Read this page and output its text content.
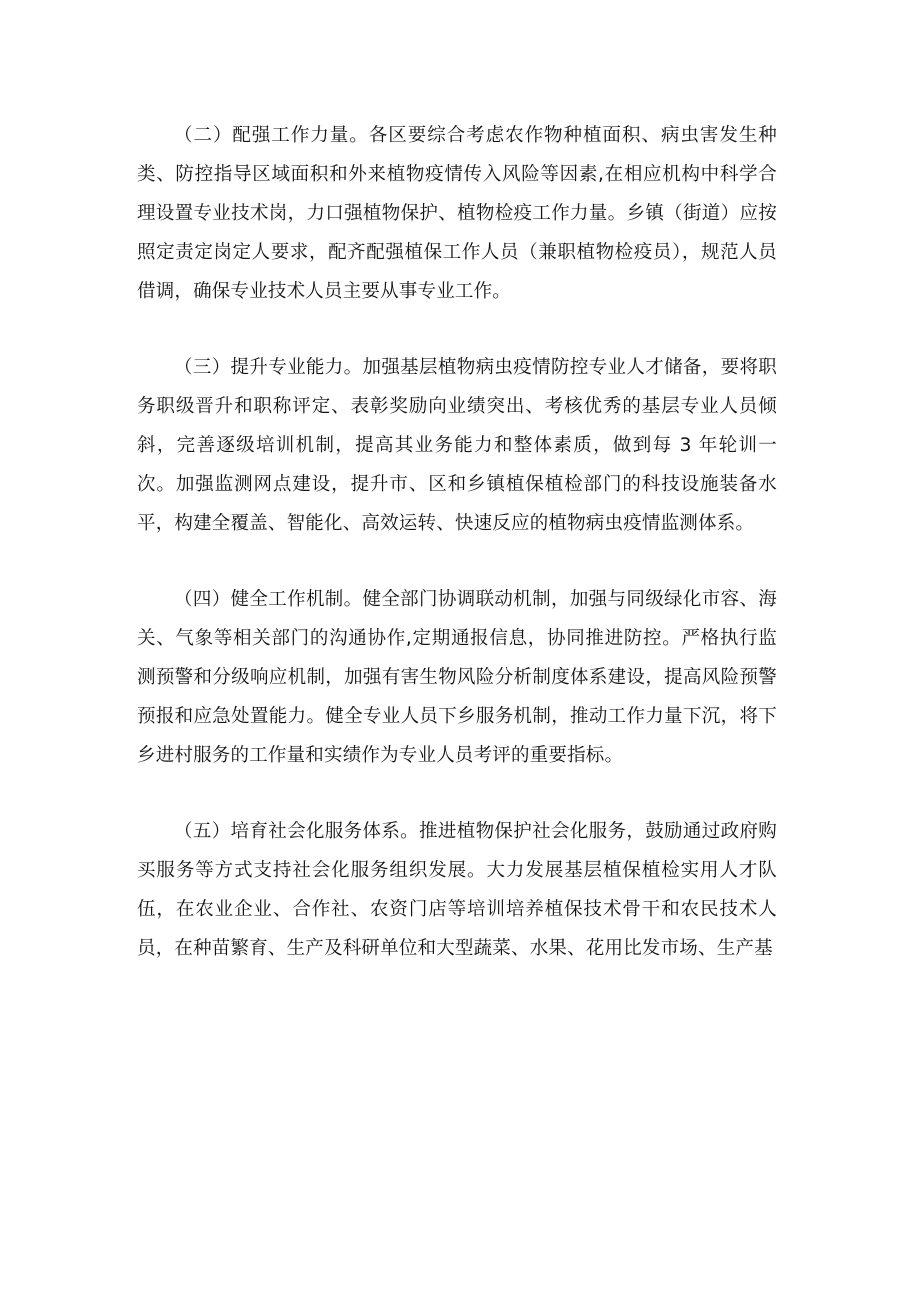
（二）配强工作力量。各区要综合考虑农作物种植面积、病虫害发生种类、防控指导区域面积和外来植物疫情传入风险等因素,在相应机构中科学合理设置专业技术岗，力口强植物保护、植物检疫工作力量。乡镇（街道）应按照定责定岗定人要求，配齐配强植保工作人员（兼职植物检疫员），规范人员借调，确保专业技术人员主要从事专业工作。

（三）提升专业能力。加强基层植物病虫疫情防控专业人才储备，要将职务职级晋升和职称评定、表彰奖励向业绩突出、考核优秀的基层专业人员倾斜，完善逐级培训机制，提高其业务能力和整体素质，做到每 3 年轮训一次。加强监测网点建设，提升市、区和乡镇植保植检部门的科技设施装备水平，构建全覆盖、智能化、高效运转、快速反应的植物病虫疫情监测体系。

（四）健全工作机制。健全部门协调联动机制，加强与同级绿化市容、海关、气象等相关部门的沟通协作,定期通报信息，协同推进防控。严格执行监测预警和分级响应机制，加强有害生物风险分析制度体系建设，提高风险预警预报和应急处置能力。健全专业人员下乡服务机制，推动工作力量下沉，将下乡进村服务的工作量和实绩作为专业人员考评的重要指标。

（五）培育社会化服务体系。推进植物保护社会化服务，鼓励通过政府购买服务等方式支持社会化服务组织发展。大力发展基层植保植检实用人才队伍，在农业企业、合作社、农资门店等培训培养植保技术骨干和农民技术人员，在种苗繁育、生产及科研单位和大型蔬菜、水果、花用比发市场、生产基
